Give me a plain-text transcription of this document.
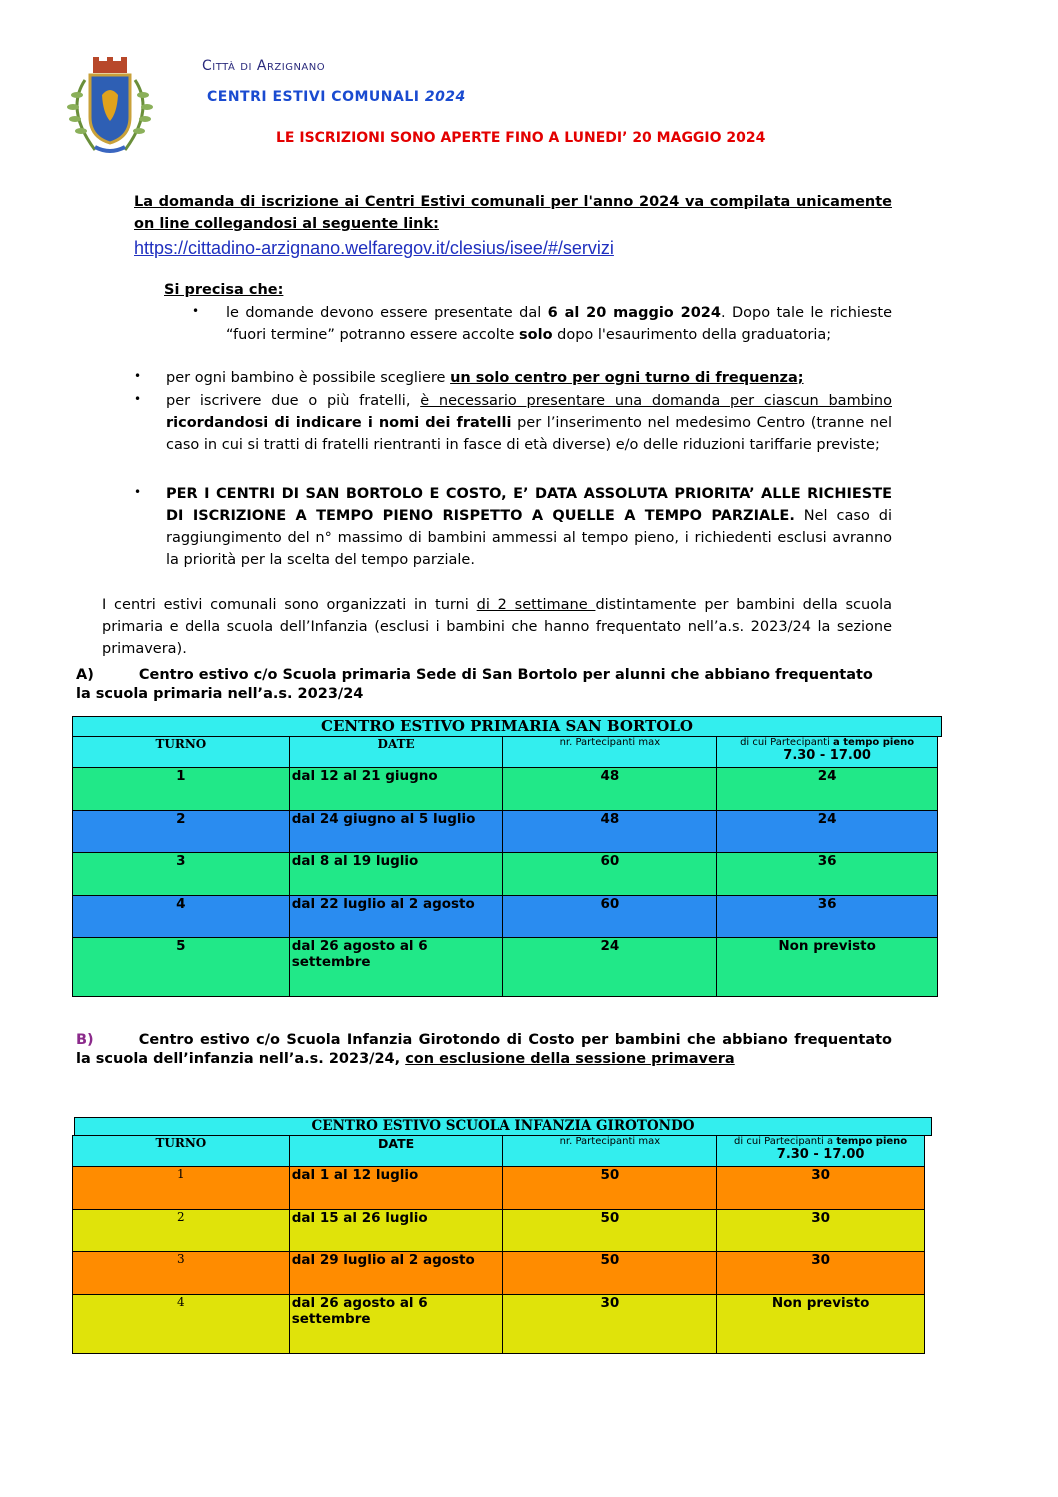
Città di Arzignano
CENTRI ESTIVI COMUNALI 2024
LE ISCRIZIONI SONO APERTE FINO A LUNEDI’ 20 MAGGIO 2024
La domanda di iscrizione ai Centri Estivi comunali per l'anno 2024 va compilata unicamente on line collegandosi al seguente link:
https://cittadino-arzignano.welfaregov.it/clesius/isee/#/servizi
Si precisa che:
• le domande devono essere presentate dal 6 al 20 maggio 2024. Dopo tale le richieste “fuori termine” potranno essere accolte solo dopo l'esaurimento della graduatoria;
• per ogni bambino è possibile scegliere un solo centro per ogni turno di frequenza;
• per iscrivere due o più fratelli, è necessario presentare una domanda per ciascun bambino ricordandosi di indicare i nomi dei fratelli per l’inserimento nel medesimo Centro (tranne nel caso in cui si tratti di fratelli rientranti in fasce di età diverse) e/o delle riduzioni tariffarie previste;
• PER I CENTRI DI SAN BORTOLO E COSTO, E’ DATA ASSOLUTA PRIORITA’ ALLE RICHIESTE DI ISCRIZIONE A TEMPO PIENO RISPETTO A QUELLE A TEMPO PARZIALE. Nel caso di raggiungimento del n° massimo di bambini ammessi al tempo pieno, i richiedenti esclusi avranno la priorità per la scelta del tempo parziale.
I centri estivi comunali sono organizzati in turni di 2 settimane distintamente per bambini della scuola primaria e della scuola dell’Infanzia (esclusi i bambini che hanno frequentato nell’a.s. 2023/24 la sezione primavera).
A)	Centro estivo c/o Scuola primaria Sede di San Bortolo per alunni che abbiano frequentato la scuola primaria nell’a.s. 2023/24
CENTRO ESTIVO PRIMARIA SAN BORTOLO
TURNO	DATE	nr. Partecipanti max	di cui Partecipanti a tempo pieno
7.30 - 17.00

1	dal 12 al 21 giugno	48	24
2	dal 24 giugno al 5 luglio	48	24
3	dal 8 al 19 luglio	60	36
4	dal 22 luglio al 2 agosto	60	36
5	dal 26 agosto al 6 settembre	24	Non previsto
B)	Centro estivo c/o Scuola Infanzia Girotondo di Costo per bambini che abbiano frequentato la scuola dell’infanzia nell’a.s. 2023/24, con esclusione della sessione primavera
CENTRO ESTIVO SCUOLA INFANZIA GIROTONDO
TURNO	DATE	nr. Partecipanti max	di cui Partecipanti a tempo pieno
7.30 - 17.00

1	dal 1 al 12 luglio	50	30
2	dal 15 al 26 luglio	50	30
3	dal 29 luglio al 2 agosto	50	30
4	dal 26 agosto al 6 settembre	30	Non previsto
